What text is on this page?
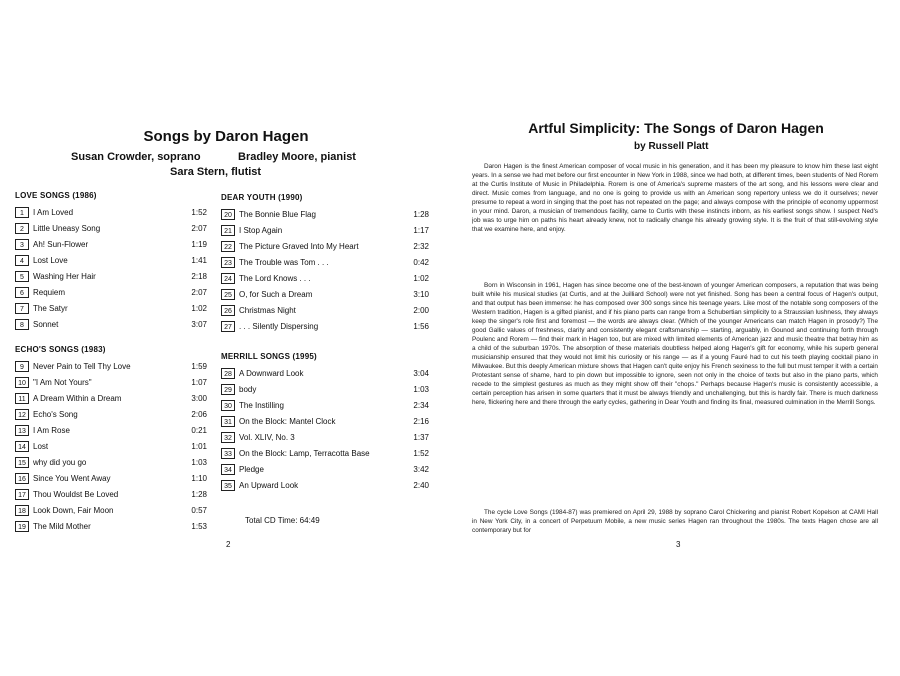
Songs by Daron Hagen
Susan Crowder, soprano	Bradley Moore, pianist
Sara Stern, flutist
LOVE SONGS (1986)
1	I Am Loved	1:52
2	Little Uneasy Song	2:07
3	Ah! Sun-Flower	1:19
4	Lost Love	1:41
5	Washing Her Hair	2:18
6	Requiem	2:07
7	The Satyr	1:02
8	Sonnet	3:07
ECHO'S SONGS (1983)
9	Never Pain to Tell Thy Love	1:59
10 "I Am Not Yours"	1:07
11 A Dream Within a Dream	3:00
12 Echo's Song	2:06
13 I Am Rose	0:21
14 Lost	1:01
15 why did you go	1:03
16 Since You Went Away	1:10
17 Thou Wouldst Be Loved	1:28
18 Look Down, Fair Moon	0:57
19 The Mild Mother	1:53
DEAR YOUTH (1990)
20 The Bonnie Blue Flag	1:28
21 I Stop Again	1:17
22 The Picture Graved Into My Heart	2:32
23 The Trouble was Tom . . .	0:42
24 The Lord Knows . . .	1:02
25 O, for Such a Dream	3:10
26 Christmas Night	2:00
27 . . . Silently Dispersing	1:56
MERRILL SONGS (1995)
28 A Downward Look	3:04
29 body	1:03
30 The Instilling	2:34
31 On the Block: Mantel Clock	2:16
32 Vol. XLIV, No. 3	1:37
33 On the Block: Lamp, Terracotta Base	1:52
34 Pledge	3:42
35 An Upward Look	2:40
2
Total CD Time: 64:49
Artful Simplicity: The Songs of Daron Hagen
by Russell Platt

Daron Hagen is the finest American composer of vocal music in his generation, and it has been my pleasure to know him these last eight years. In a sense we had met before our first encounter in New York in 1988, since we had both, at different times, been students of Ned Rorem at the Curtis Institute of Music in Philadelphia. Rorem is one of America's supreme masters of the art song, and his lessons were clear and direct. Music comes from language, and no one is going to provide us with an American song repertory unless we do it ourselves; never presume to repeat a word in singing that the poet has not repeated on the page; and always compose with the principle of economy uppermost in your mind. Daron, a musician of tremendous facility, came to Curtis with these instincts inborn, as his earliest songs show. I suspect Ned's job was to urge him on paths his heart already knew, not to radically change his already growing style. It is the fruit of that still-evolving style that we examine here, and enjoy.

Born in Wisconsin in 1961, Hagen has since become one of the best-known of younger American composers, a reputation that was being built while his musical studies (at Curtis, and at the Juilliard School) were not yet finished. Song has been a central focus of Hagen's output, and that output has been immense: he has composed over 300 songs since his teenage years. Like most of the notable song composers of the Western tradition, Hagen is a gifted pianist, and if his piano parts can range from a Schubertian simplicity to a Straussian lushness, they always keep the singer's role first and foremost — the words are always clear. (Which of the younger Americans can match Hagen in prosody?) The good Gallic values of freshness, clarity and consistently elegant craftsmanship — starting, arguably, in Gounod and continuing forth through Poulenc and Rorem — find their mark in Hagen too, but are mixed with limited elements of American jazz and music theatre that betray him as a child of the suburban 1970s. The absorption of these materials doubtless helped along Hagen's gift for economy, while his superb general musicianship ensured that they would not limit his curiosity or his range — as if a young Fauré had to cut his teeth playing cocktail piano in Milwaukee. But this deeply American mixture shows that Hagen can't quite enjoy his French sexiness to the full but must temper it with a certain Protestant sense of shame, hard to pin down but impossible to ignore, seen not only in the choice of texts but also in the piano parts, which recede to the simplest gestures as much as they might show off their "chops." Perhaps because Hagen's music is consistently accessible, a certain perception has arisen in some quarters that it must be always friendly and unchallenging, but this is hardly fair. There is much darkness here, flickering here and there through the early cycles, gathering in Dear Youth and finding its final, measured culmination in the Merrill Songs.

The cycle Love Songs (1984-87) was premiered on April 29, 1988 by soprano Carol Chickering and pianist Robert Kopelson at CAMI Hall in New York City, in a concert of Perpetuum Mobile, a new music series Hagen ran throughout the 1980s. The texts Hagen chose are all contemporary but for

3
